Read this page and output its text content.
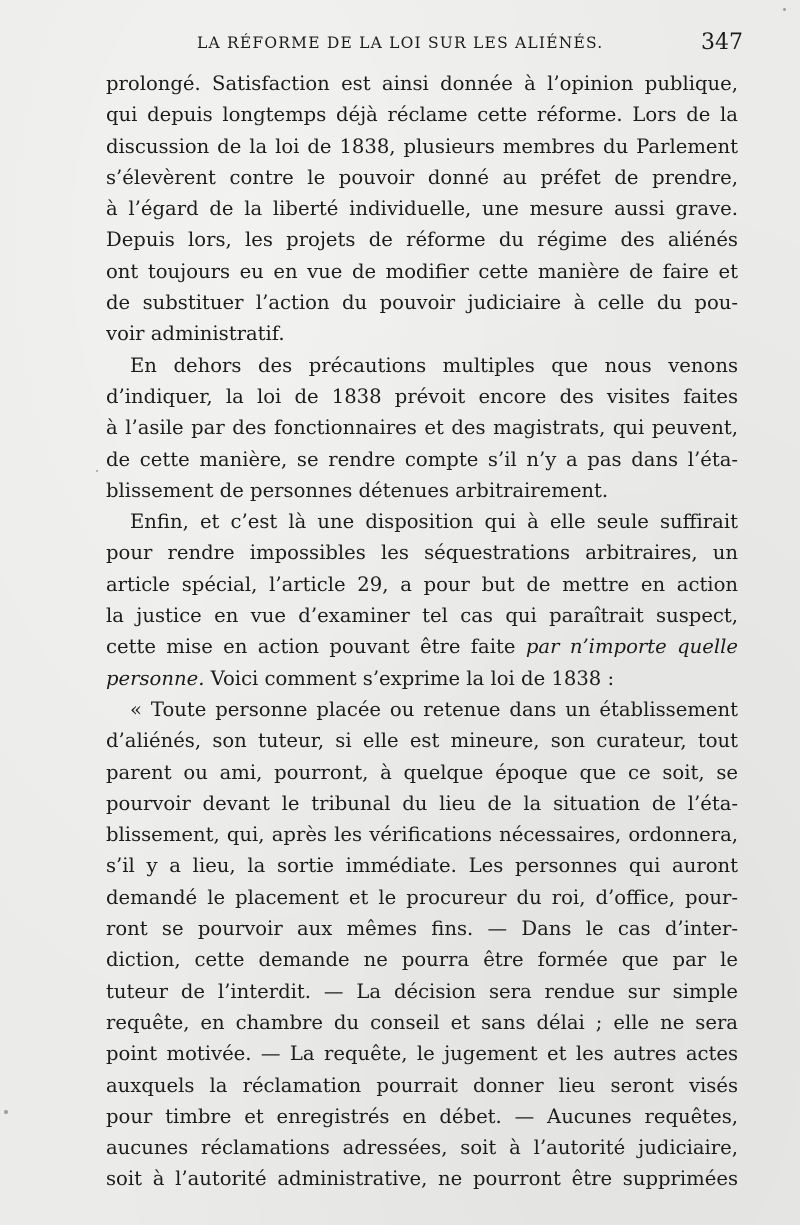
LA RÉFORME DE LA LOI SUR LES ALIÉNÉS.	347

prolongé. Satisfaction est ainsi donnée à l’opinion publique,
qui depuis longtemps déjà réclame cette réforme. Lors de la
discussion de la loi de 1838, plusieurs membres du Parlement
s’élevèrent contre le pouvoir donné au préfet de prendre,
à l’égard de la liberté individuelle, une mesure aussi grave.
Depuis lors, les projets de réforme du régime des aliénés
ont toujours eu en vue de modifier cette manière de faire et
de substituer l’action du pouvoir judiciaire à celle du pou-
voir administratif.

En dehors des précautions multiples que nous venons
d’indiquer, la loi de 1838 prévoit encore des visites faites
à l’asile par des fonctionnaires et des magistrats, qui peuvent,
de cette manière, se rendre compte s’il n’y a pas dans l’éta-
blissement de personnes détenues arbitrairement.

Enfin, et c’est là une disposition qui à elle seule suffirait
pour rendre impossibles les séquestrations arbitraires, un
article spécial, l’article 29, a pour but de mettre en action
la justice en vue d’examiner tel cas qui paraîtrait suspect,
cette mise en action pouvant être faite par n’importe quelle
personne. Voici comment s’exprime la loi de 1838 :

« Toute personne placée ou retenue dans un établissement
d’aliénés, son tuteur, si elle est mineure, son curateur, tout
parent ou ami, pourront, à quelque époque que ce soit, se
pourvoir devant le tribunal du lieu de la situation de l’éta-
blissement, qui, après les vérifications nécessaires, ordonnera,
s’il y a lieu, la sortie immédiate. Les personnes qui auront
demandé le placement et le procureur du roi, d’office, pour-
ront se pourvoir aux mêmes fins. — Dans le cas d’inter-
diction, cette demande ne pourra être formée que par le
tuteur de l’interdit. — La décision sera rendue sur simple
requête, en chambre du conseil et sans délai ; elle ne sera
point motivée. — La requête, le jugement et les autres actes
auxquels la réclamation pourrait donner lieu seront visés
pour timbre et enregistrés en débet. — Aucunes requêtes,
aucunes réclamations adressées, soit à l’autorité judiciaire,
soit à l’autorité administrative, ne pourront être supprimées
